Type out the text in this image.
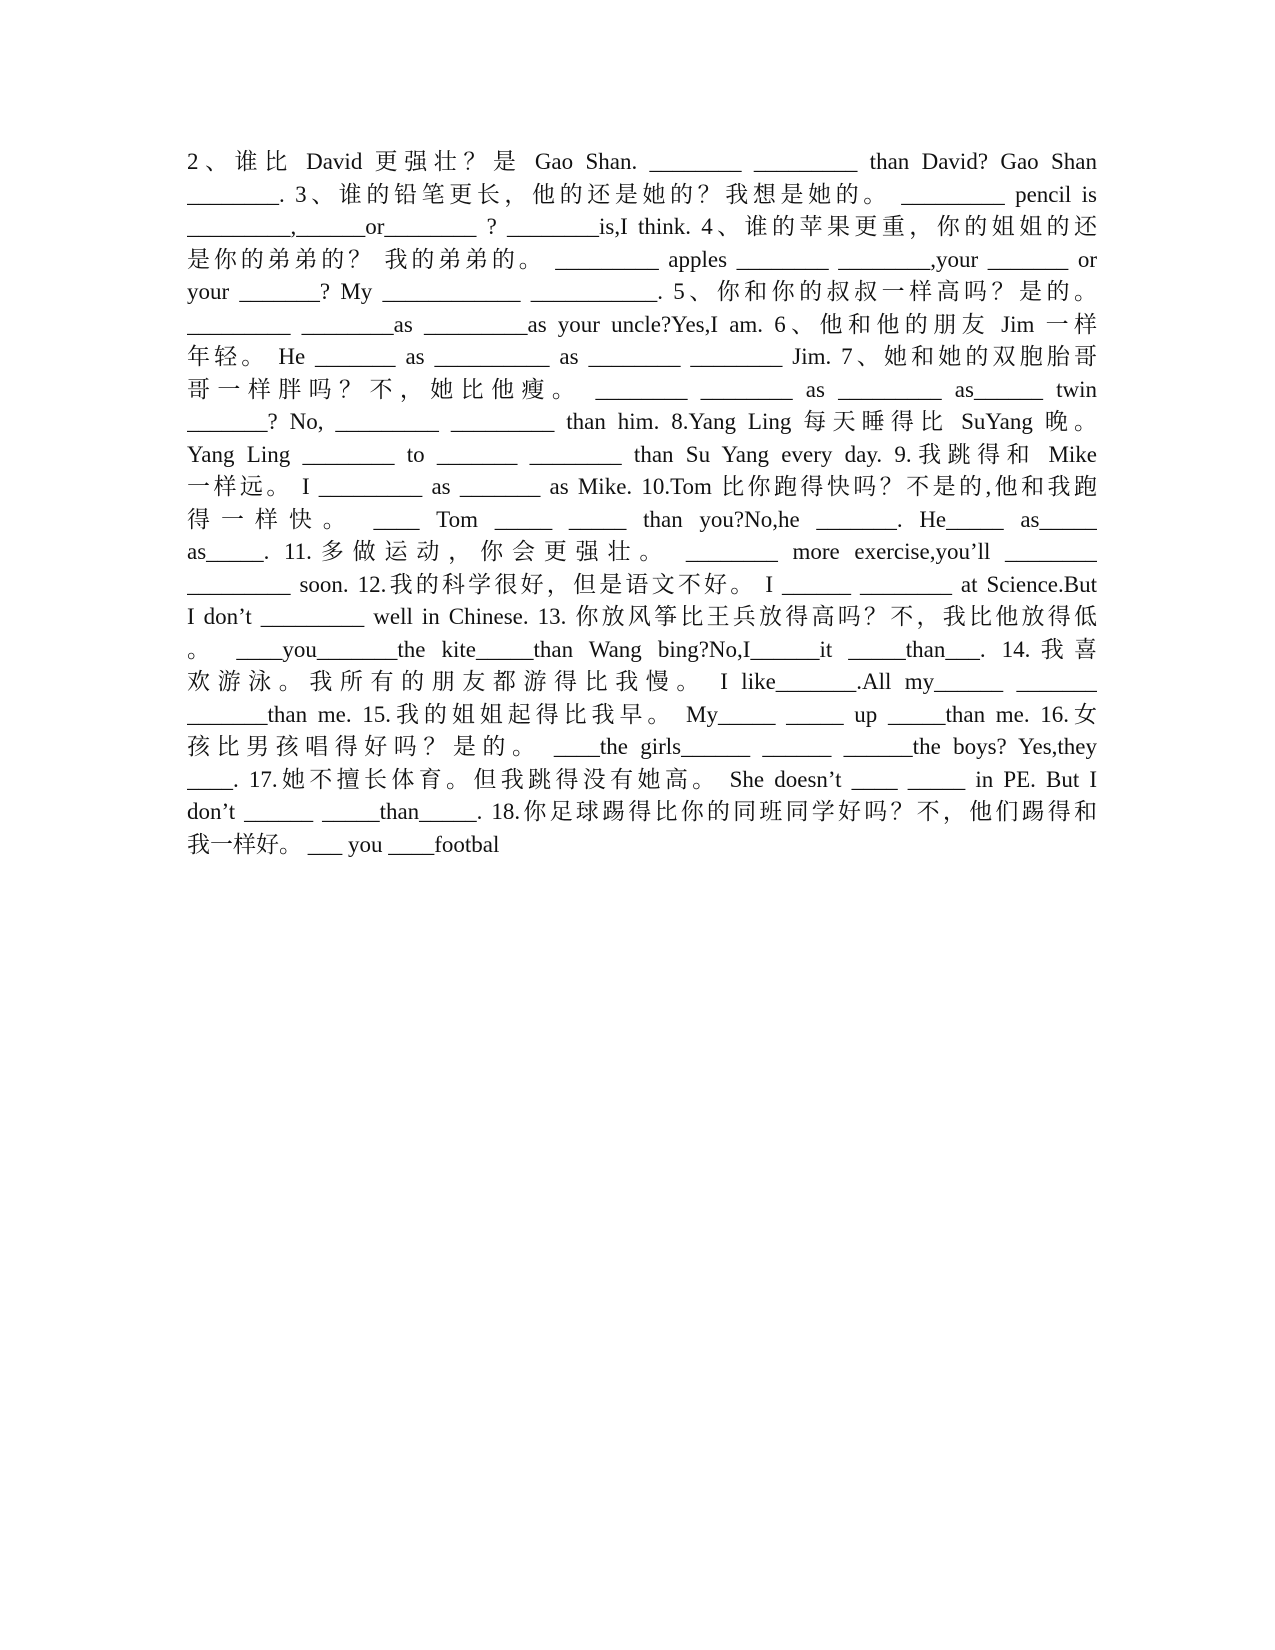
2、谁比 David 更强壮？是 Gao Shan. ________ _________ than David? Gao Shan
________. 3、谁的铅笔更长，他的还是她的？我想是她的。 _________ pencil is
_________,______or________ ? ________is,I think. 4、谁的苹果更重，你的姐姐的还
是你的弟弟的？ 我的弟弟的。 _________ apples ________ ________,your _______ or
your _______? My ____________ ___________. 5、你和你的叔叔一样高吗？是的。
_________ ________as _________as your uncle?Yes,I am. 6、他和他的朋友 Jim 一样
年轻。 He _______ as __________ as ________ ________ Jim. 7、她和她的双胞胎哥
哥一样胖吗？不，她比他瘦。 ________ ________ as _________ as______ twin
_______? No, _________ _________ than him. 8.Yang Ling 每天睡得比 SuYang 晚。
Yang Ling ________ to _______ ________ than Su Yang every day. 9.我跳得和 Mike
一样远。 I _________ as _______ as Mike. 10.Tom 比你跑得快吗？不是的,他和我跑
得一样快。 ____ Tom _____ _____ than you?No,he _______. He_____ as_____
as_____. 11.多做运动，你会更强壮。 ________ more exercise,you’ll ________
_________ soon. 12.我的科学很好，但是语文不好。 I ______ ________ at Science.But
I don’t _________ well in Chinese. 13. 你放风筝比王兵放得高吗？不，我比他放得低
。 ____you_______the kite_____than Wang bing?No,I______it _____than___. 14.我喜
欢游泳。我所有的朋友都游得比我慢。 I like_______.All my______ _______
_______than me. 15.我的姐姐起得比我早。 My_____ _____ up _____than me. 16.女
孩比男孩唱得好吗？是的。 ____the girls______ ______ ______the boys? Yes,they
____. 17.她不擅长体育。但我跳得没有她高。 She doesn’t ____ _____ in PE. But I
don’t ______ _____than_____. 18.你足球踢得比你的同班同学好吗？不，他们踢得和
我一样好。 ___ you ____footbal
